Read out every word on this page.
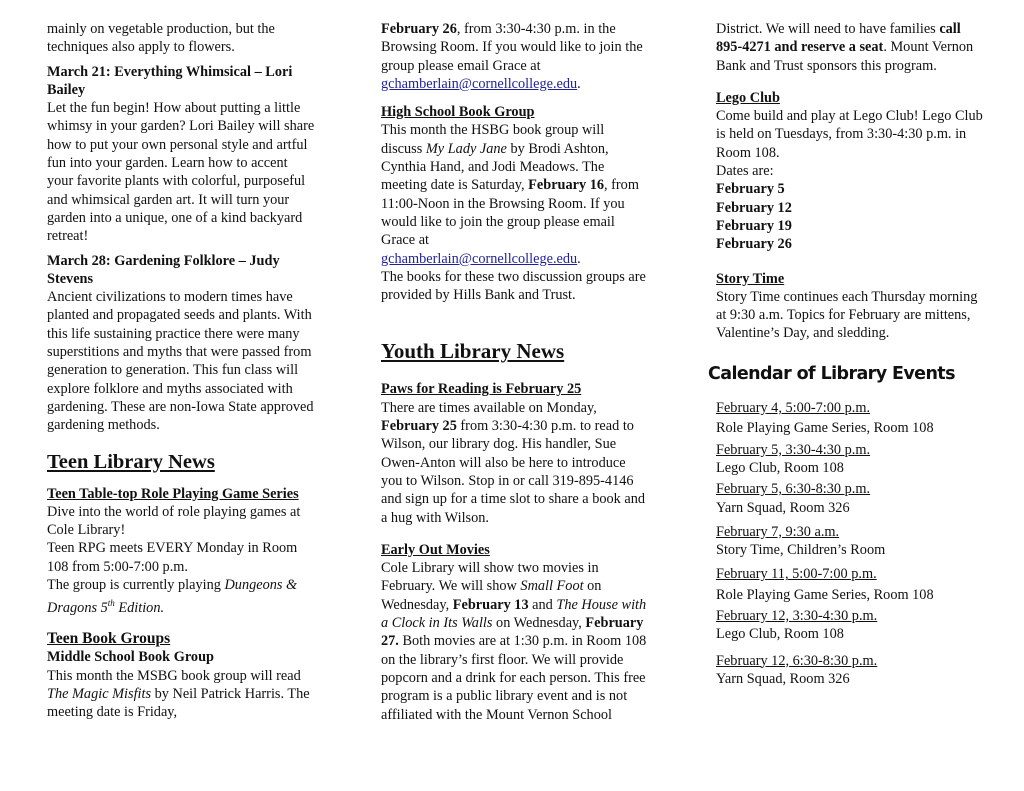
mainly on vegetable production, but the techniques also apply to flowers.

March 21: Everything Whimsical – Lori Bailey

Let the fun begin! How about putting a little whimsy in your garden? Lori Bailey will share how to put your own personal style and artful fun into your garden. Learn how to accent your favorite plants with colorful, purposeful and whimsical garden art. It will turn your garden into a unique, one of a kind backyard retreat!

March 28: Gardening Folklore – Judy Stevens

Ancient civilizations to modern times have planted and propagated seeds and plants. With this life sustaining practice there were many superstitions and myths that were passed from generation to generation. This fun class will explore folklore and myths associated with gardening. These are non-Iowa State approved gardening methods.

Teen Library News

Teen Table-top Role Playing Game Series

Dive into the world of role playing games at Cole Library!

Teen RPG meets EVERY Monday in Room 108 from 5:00-7:00 p.m.

The group is currently playing Dungeons & Dragons 5th Edition.

Teen Book Groups

Middle School Book Group

This month the MSBG book group will read The Magic Misfits by Neil Patrick Harris. The meeting date is Friday,

February 26, from 3:30-4:30 p.m. in the Browsing Room. If you would like to join the group please email Grace at

gchamberlain@cornellcollege.edu.

High School Book Group

This month the HSBG book group will discuss My Lady Jane by Brodi Ashton, Cynthia Hand, and Jodi Meadows. The meeting date is Saturday, February 16, from 11:00-Noon in the Browsing Room. If you would like to join the group please email Grace at

gchamberlain@cornellcollege.edu.

The books for these two discussion groups are provided by Hills Bank and Trust.

Youth Library News

Paws for Reading is February 25

There are times available on Monday, February 25 from 3:30-4:30 p.m. to read to Wilson, our library dog. His handler, Sue Owen-Anton will also be here to introduce you to Wilson. Stop in or call 319-895-4146 and sign up for a time slot to share a book and a hug with Wilson.

Early Out Movies

Cole Library will show two movies in February. We will show Small Foot on Wednesday, February 13 and The House with a Clock in Its Walls on Wednesday, February 27. Both movies are at 1:30 p.m. in Room 108 on the library’s first floor. We will provide popcorn and a drink for each person. This free program is a public library event and is not affiliated with the Mount Vernon School

District. We will need to have families call 895-4271 and reserve a seat. Mount Vernon Bank and Trust sponsors this program.

Lego Club

Come build and play at Lego Club! Lego Club is held on Tuesdays, from 3:30-4:30 p.m. in Room 108.

Dates are:

February 5

February 12

February 19

February 26

Story Time

Story Time continues each Thursday morning at 9:30 a.m. Topics for February are mittens, Valentine’s Day, and sledding.

Calendar of Library Events

February 4, 5:00-7:00 p.m.

Role Playing Game Series, Room 108

February 5, 3:30-4:30 p.m.

Lego Club, Room 108

February 5, 6:30-8:30 p.m.

Yarn Squad, Room 326

February 7, 9:30 a.m.

Story Time, Children’s Room

February 11, 5:00-7:00 p.m.

Role Playing Game Series, Room 108

February 12, 3:30-4:30 p.m.

Lego Club, Room 108

February 12, 6:30-8:30 p.m.

Yarn Squad, Room 326
